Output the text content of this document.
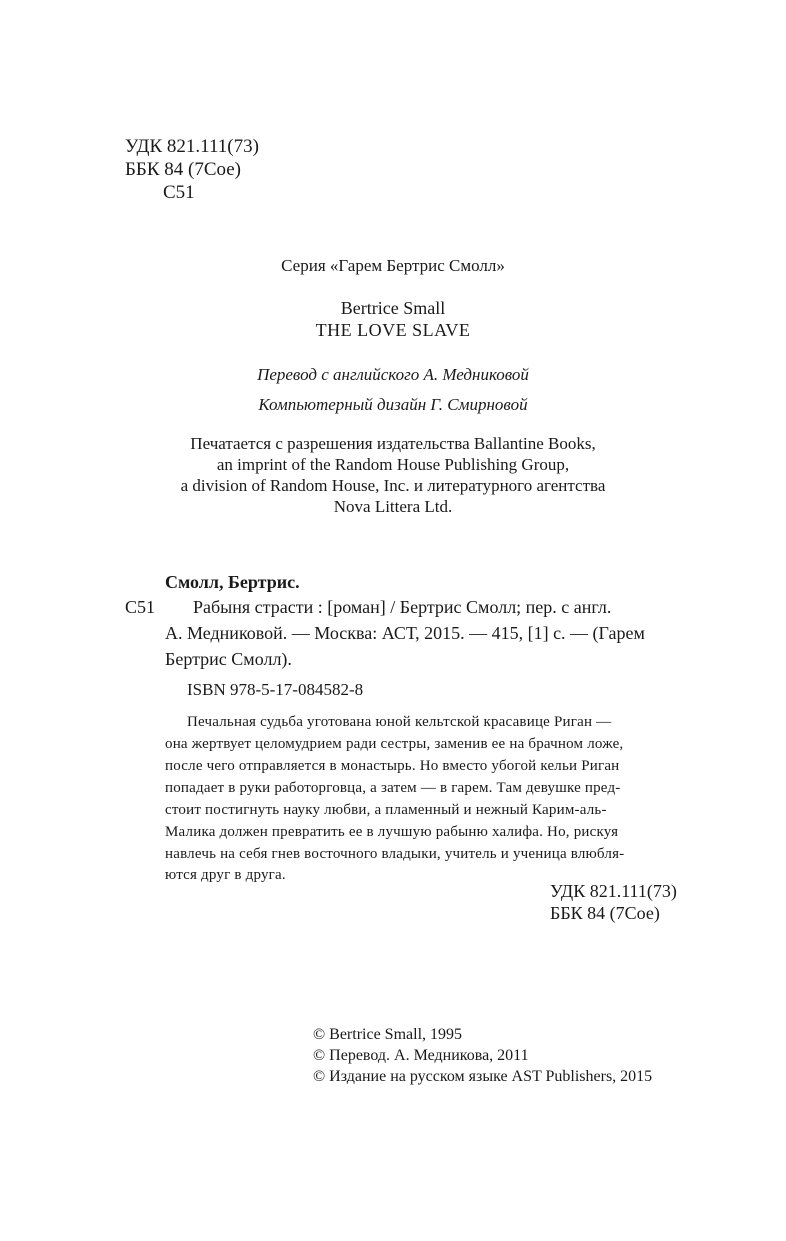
УДК 821.111(73)
ББК 84 (7Сое)
С51
Серия «Гарем Бертрис Смолл»
Bertrice Small
THE LOVE SLAVE
Перевод с английского А. Медниковой
Компьютерный дизайн Г. Смирновой
Печатается с разрешения издательства Ballantine Books,
an imprint of the Random House Publishing Group,
a division of Random House, Inc. и литературного агентства
Nova Littera Ltd.
Смолл, Бертрис.
С51 Рабыня страсти : [роман] / Бертрис Смолл; пер. с англ.
А. Медниковой. — Москва: АСТ, 2015. — 415, [1] с. — (Гарем
Бертрис Смолл).
ISBN 978-5-17-084582-8
Печальная судьба уготована юной кельтской красавице Риган —
она жертвует целомудрием ради сестры, заменив ее на брачном ложе,
после чего отправляется в монастырь. Но вместо убогой кельи Риган
попадает в руки работорговца, а затем — в гарем. Там девушке пред-
стоит постигнуть науку любви, а пламенный и нежный Карим-аль-
Малика должен превратить ее в лучшую рабыню халифа. Но, рискуя
навлечь на себя гнев восточного владыки, учитель и ученица влюбля-
ются друг в друга.
УДК 821.111(73)
ББК 84 (7Сое)
© Bertrice Small, 1995
© Перевод. А. Медникова, 2011
© Издание на русском языке AST Publishers, 2015
